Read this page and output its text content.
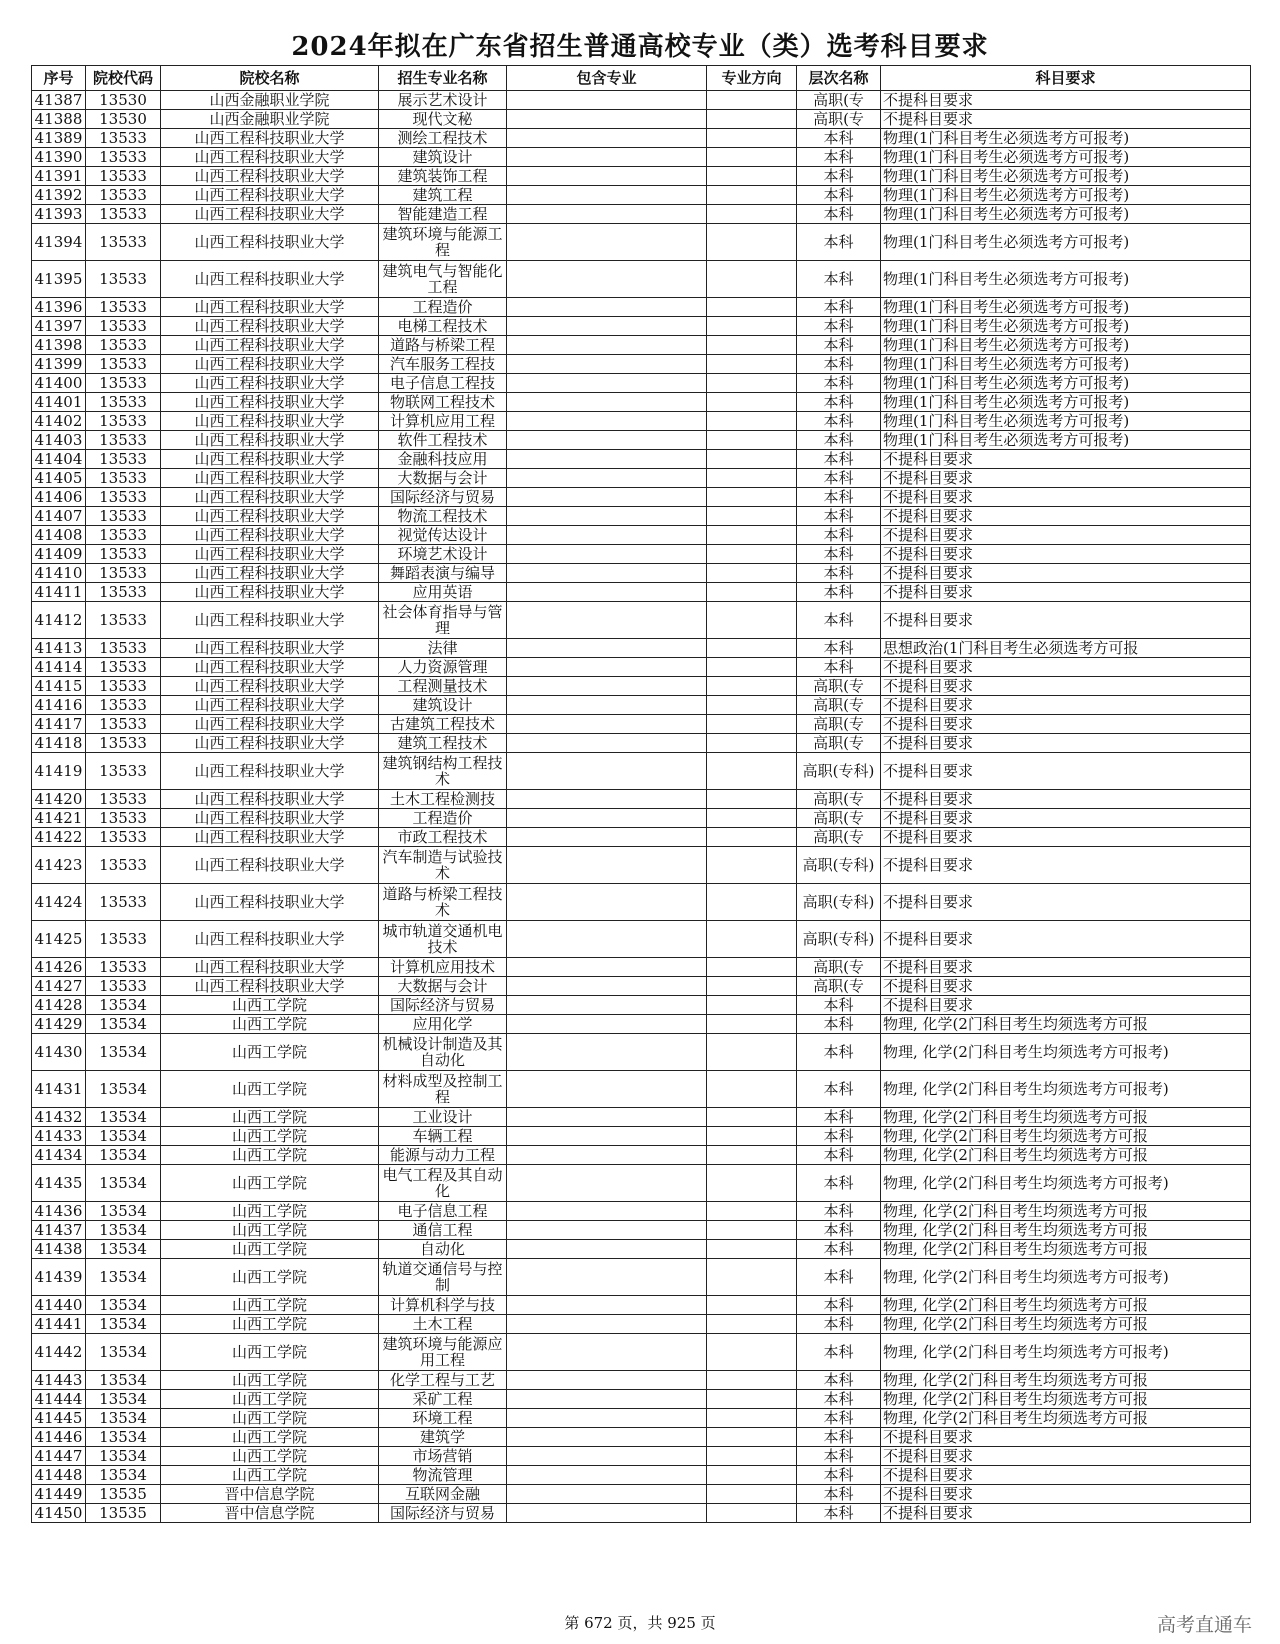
2024年拟在广东省招生普通高校专业（类）选考科目要求
序号	院校代码	院校名称	招生专业名称	包含专业	专业方向	层次名称	科目要求
41387	13530	山西金融职业学院	展示艺术设计			高职(专	不提科目要求
41388	13530	山西金融职业学院	现代文秘			高职(专	不提科目要求
41389	13533	山西工程科技职业大学	测绘工程技术			本科	物理(1门科目考生必须选考方可报考)
41390	13533	山西工程科技职业大学	建筑设计			本科	物理(1门科目考生必须选考方可报考)
41391	13533	山西工程科技职业大学	建筑装饰工程			本科	物理(1门科目考生必须选考方可报考)
41392	13533	山西工程科技职业大学	建筑工程			本科	物理(1门科目考生必须选考方可报考)
41393	13533	山西工程科技职业大学	智能建造工程			本科	物理(1门科目考生必须选考方可报考)
41394	13533	山西工程科技职业大学	建筑环境与能源工程			本科	物理(1门科目考生必须选考方可报考)
41395	13533	山西工程科技职业大学	建筑电气与智能化工程			本科	物理(1门科目考生必须选考方可报考)
41396	13533	山西工程科技职业大学	工程造价			本科	物理(1门科目考生必须选考方可报考)
41397	13533	山西工程科技职业大学	电梯工程技术			本科	物理(1门科目考生必须选考方可报考)
41398	13533	山西工程科技职业大学	道路与桥梁工程			本科	物理(1门科目考生必须选考方可报考)
41399	13533	山西工程科技职业大学	汽车服务工程技			本科	物理(1门科目考生必须选考方可报考)
41400	13533	山西工程科技职业大学	电子信息工程技			本科	物理(1门科目考生必须选考方可报考)
41401	13533	山西工程科技职业大学	物联网工程技术			本科	物理(1门科目考生必须选考方可报考)
41402	13533	山西工程科技职业大学	计算机应用工程			本科	物理(1门科目考生必须选考方可报考)
41403	13533	山西工程科技职业大学	软件工程技术			本科	物理(1门科目考生必须选考方可报考)
41404	13533	山西工程科技职业大学	金融科技应用			本科	不提科目要求
41405	13533	山西工程科技职业大学	大数据与会计			本科	不提科目要求
41406	13533	山西工程科技职业大学	国际经济与贸易			本科	不提科目要求
41407	13533	山西工程科技职业大学	物流工程技术			本科	不提科目要求
41408	13533	山西工程科技职业大学	视觉传达设计			本科	不提科目要求
41409	13533	山西工程科技职业大学	环境艺术设计			本科	不提科目要求
41410	13533	山西工程科技职业大学	舞蹈表演与编导			本科	不提科目要求
41411	13533	山西工程科技职业大学	应用英语			本科	不提科目要求
41412	13533	山西工程科技职业大学	社会体育指导与管理			本科	不提科目要求
41413	13533	山西工程科技职业大学	法律			本科	思想政治(1门科目考生必须选考方可报
41414	13533	山西工程科技职业大学	人力资源管理			本科	不提科目要求
41415	13533	山西工程科技职业大学	工程测量技术			高职(专	不提科目要求
41416	13533	山西工程科技职业大学	建筑设计			高职(专	不提科目要求
41417	13533	山西工程科技职业大学	古建筑工程技术			高职(专	不提科目要求
41418	13533	山西工程科技职业大学	建筑工程技术			高职(专	不提科目要求
41419	13533	山西工程科技职业大学	建筑钢结构工程技术			高职(专科)	不提科目要求
41420	13533	山西工程科技职业大学	土木工程检测技			高职(专	不提科目要求
41421	13533	山西工程科技职业大学	工程造价			高职(专	不提科目要求
41422	13533	山西工程科技职业大学	市政工程技术			高职(专	不提科目要求
41423	13533	山西工程科技职业大学	汽车制造与试验技术			高职(专科)	不提科目要求
41424	13533	山西工程科技职业大学	道路与桥梁工程技术			高职(专科)	不提科目要求
41425	13533	山西工程科技职业大学	城市轨道交通机电技术			高职(专科)	不提科目要求
41426	13533	山西工程科技职业大学	计算机应用技术			高职(专	不提科目要求
41427	13533	山西工程科技职业大学	大数据与会计			高职(专	不提科目要求
41428	13534	山西工学院	国际经济与贸易			本科	不提科目要求
41429	13534	山西工学院	应用化学			本科	物理, 化学(2门科目考生均须选考方可报
41430	13534	山西工学院	机械设计制造及其自动化			本科	物理, 化学(2门科目考生均须选考方可报考)
41431	13534	山西工学院	材料成型及控制工程			本科	物理, 化学(2门科目考生均须选考方可报考)
41432	13534	山西工学院	工业设计			本科	物理, 化学(2门科目考生均须选考方可报
41433	13534	山西工学院	车辆工程			本科	物理, 化学(2门科目考生均须选考方可报
41434	13534	山西工学院	能源与动力工程			本科	物理, 化学(2门科目考生均须选考方可报
41435	13534	山西工学院	电气工程及其自动化			本科	物理, 化学(2门科目考生均须选考方可报考)
41436	13534	山西工学院	电子信息工程			本科	物理, 化学(2门科目考生均须选考方可报
41437	13534	山西工学院	通信工程			本科	物理, 化学(2门科目考生均须选考方可报
41438	13534	山西工学院	自动化			本科	物理, 化学(2门科目考生均须选考方可报
41439	13534	山西工学院	轨道交通信号与控制			本科	物理, 化学(2门科目考生均须选考方可报考)
41440	13534	山西工学院	计算机科学与技			本科	物理, 化学(2门科目考生均须选考方可报
41441	13534	山西工学院	土木工程			本科	物理, 化学(2门科目考生均须选考方可报
41442	13534	山西工学院	建筑环境与能源应用工程			本科	物理, 化学(2门科目考生均须选考方可报考)
41443	13534	山西工学院	化学工程与工艺			本科	物理, 化学(2门科目考生均须选考方可报
41444	13534	山西工学院	采矿工程			本科	物理, 化学(2门科目考生均须选考方可报
41445	13534	山西工学院	环境工程			本科	物理, 化学(2门科目考生均须选考方可报
41446	13534	山西工学院	建筑学			本科	不提科目要求
41447	13534	山西工学院	市场营销			本科	不提科目要求
41448	13534	山西工学院	物流管理			本科	不提科目要求
41449	13535	晋中信息学院	互联网金融			本科	不提科目要求
41450	13535	晋中信息学院	国际经济与贸易			本科	不提科目要求
第 672 页，共 925 页	高考直通车
